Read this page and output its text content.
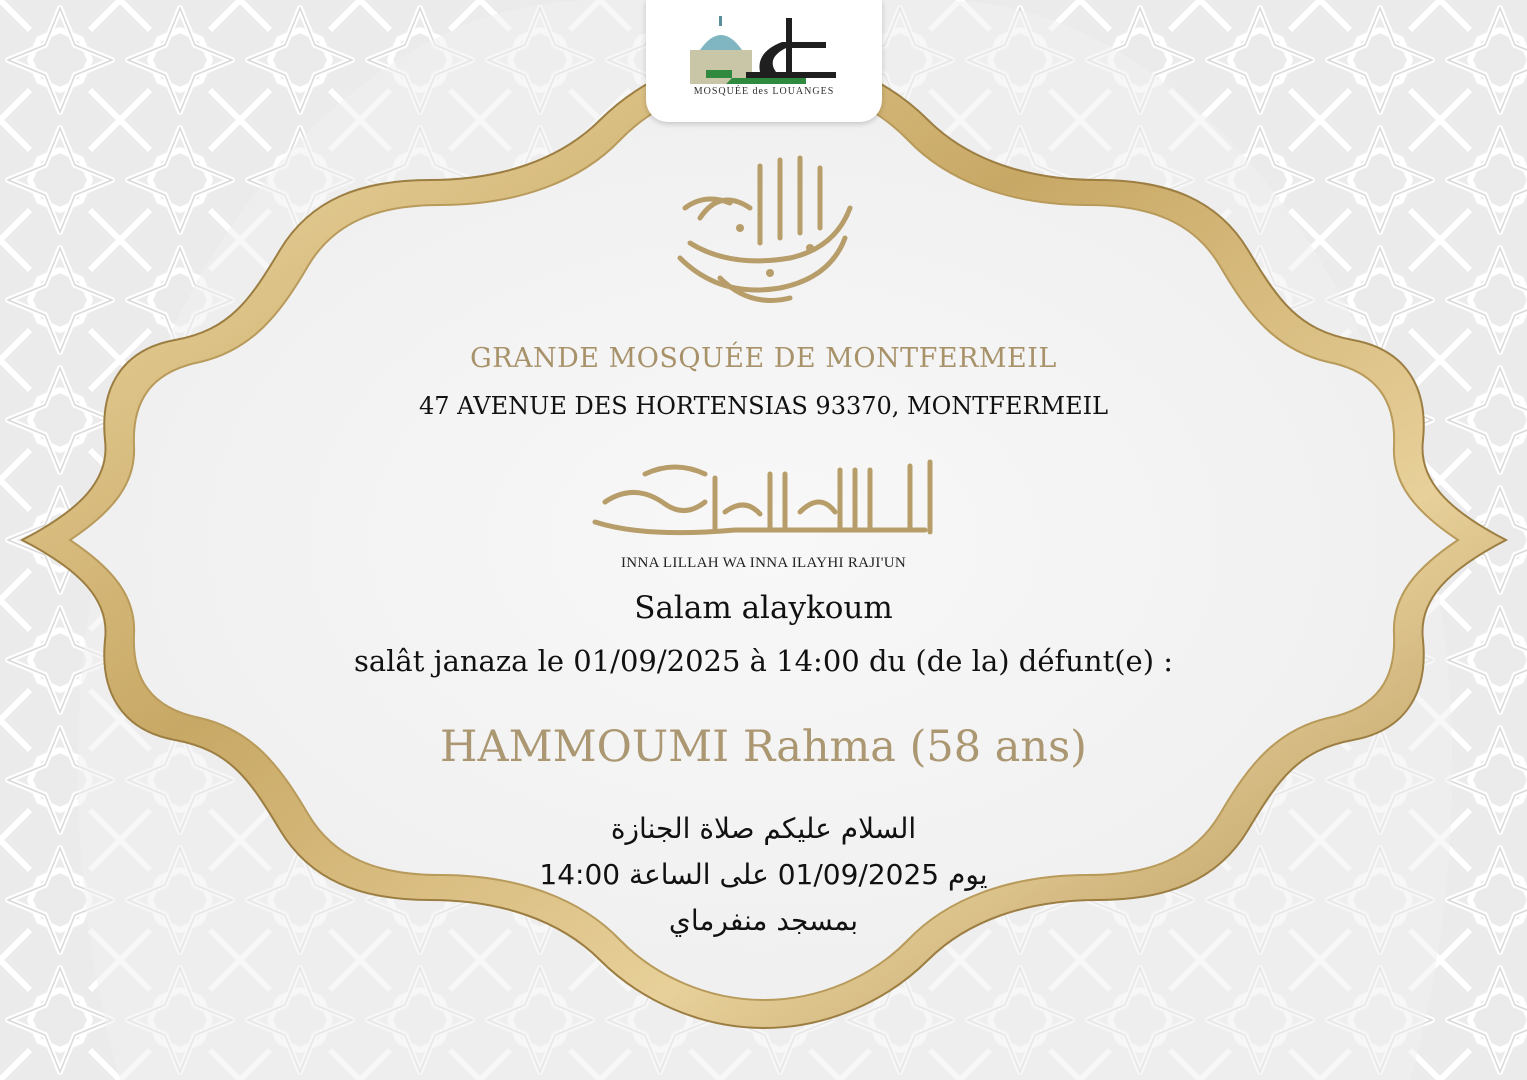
MOSQUÉE des LOUANGES
GRANDE MOSQUÉE DE MONTFERMEIL
47 AVENUE DES HORTENSIAS 93370, MONTFERMEIL
INNA LILLAH WA INNA ILAYHI RAJI'UN
Salam alaykoum
salât janaza le 01/09/2025 à 14:00 du (de la) défunt(e) :
HAMMOUMI Rahma (58 ans)
السلام عليكم صلاة الجنازة
يوم 01/09/2025 على الساعة 14:00
بمسجد منفرماي
